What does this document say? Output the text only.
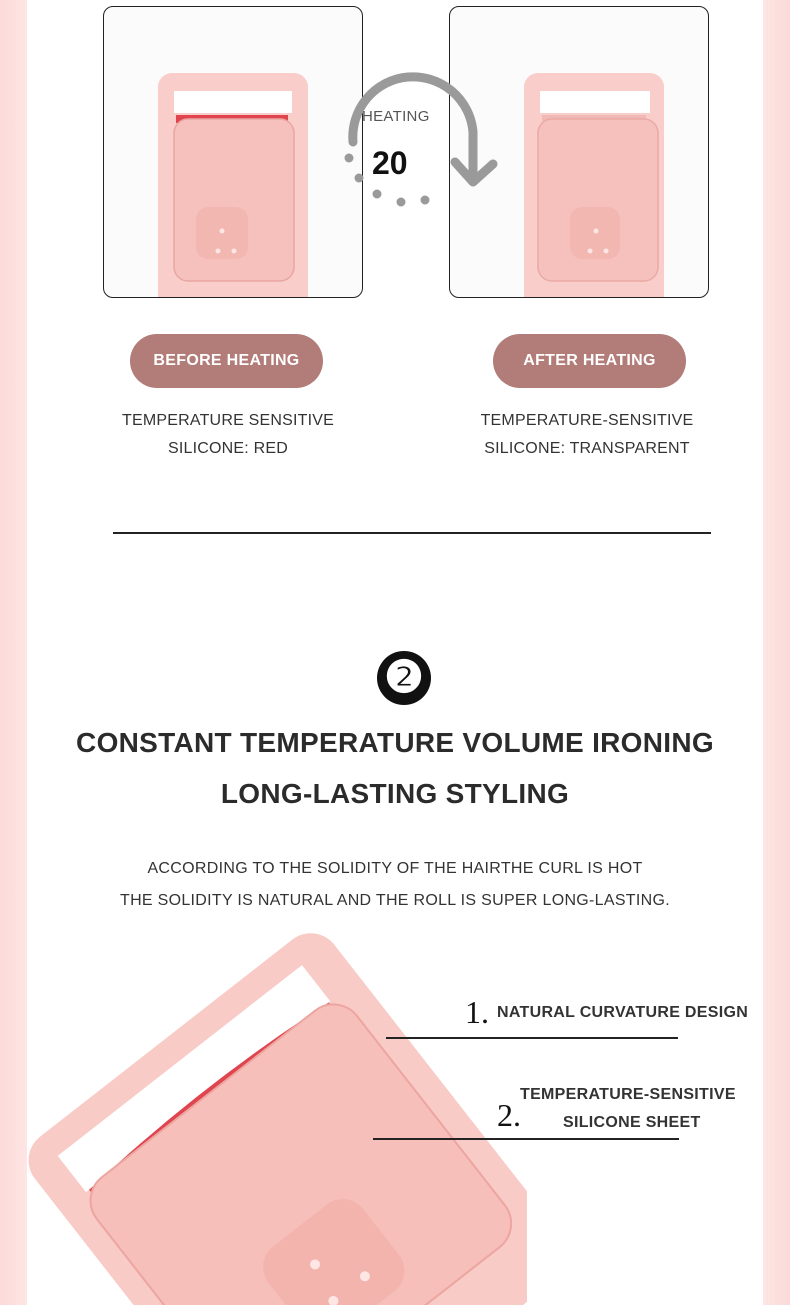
HEATING
20
BEFORE HEATING	AFTER HEATING
TEMPERATURE SENSITIVE
SILICONE: RED
TEMPERATURE-SENSITIVE
SILICONE: TRANSPARENT
❷
CONSTANT TEMPERATURE VOLUME IRONING
LONG-LASTING STYLING
ACCORDING TO THE SOLIDITY OF THE HAIRTHE CURL IS HOT
THE SOLIDITY IS NATURAL AND THE ROLL IS SUPER LONG-LASTING.
1. NATURAL CURVATURE DESIGN
2.
TEMPERATURE-SENSITIVE
SILICONE SHEET
